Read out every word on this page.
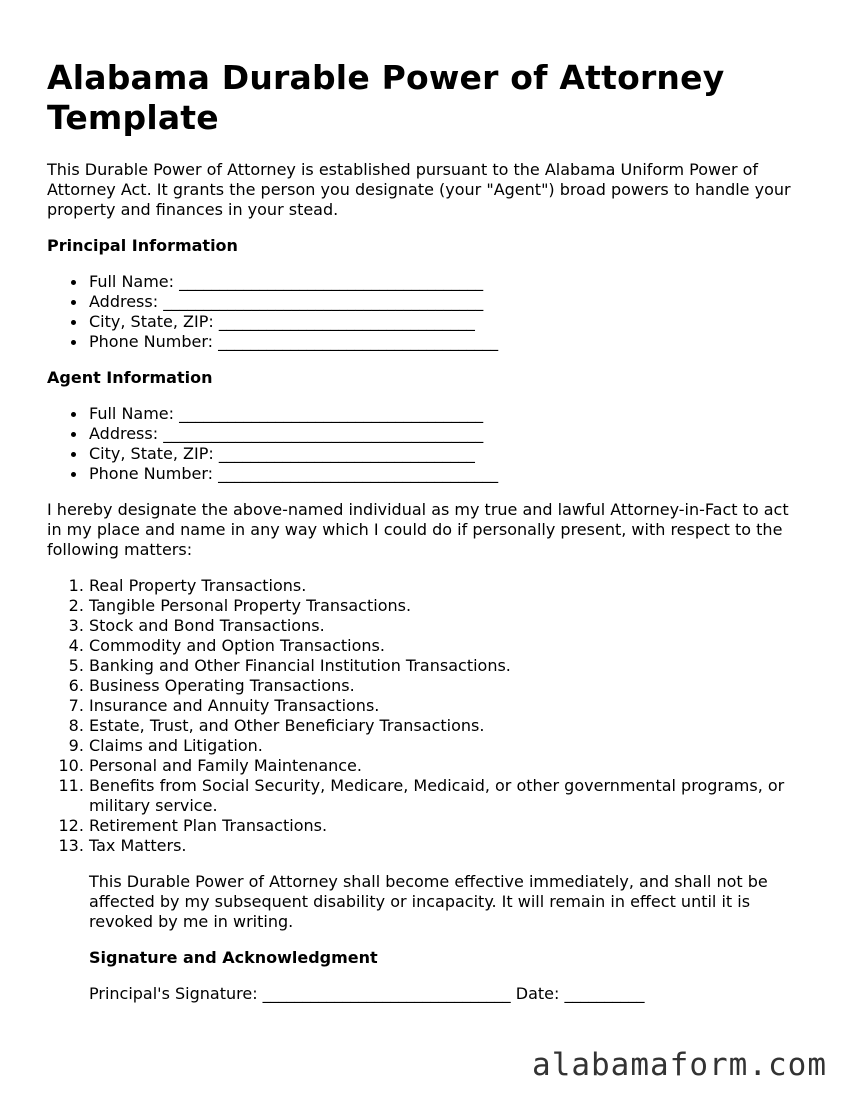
Alabama Durable Power of Attorney Template

This Durable Power of Attorney is established pursuant to the Alabama Uniform Power of Attorney Act. It grants the person you designate (your "Agent") broad powers to handle your property and finances in your stead.

Principal Information
Full Name: ______________________________________
Address: ________________________________________
City, State, ZIP: ________________________________
Phone Number: ___________________________________
Agent Information
Full Name: ______________________________________
Address: ________________________________________
City, State, ZIP: ________________________________
Phone Number: ___________________________________

I hereby designate the above-named individual as my true and lawful Attorney-in-Fact to act in my place and name in any way which I could do if personally present, with respect to the following matters:

1. Real Property Transactions.
2. Tangible Personal Property Transactions.
3. Stock and Bond Transactions.
4. Commodity and Option Transactions.
5. Banking and Other Financial Institution Transactions.
6. Business Operating Transactions.
7. Insurance and Annuity Transactions.
8. Estate, Trust, and Other Beneficiary Transactions.
9. Claims and Litigation.
10. Personal and Family Maintenance.
11. Benefits from Social Security, Medicare, Medicaid, or other governmental programs, or military service.
12. Retirement Plan Transactions.
13. Tax Matters.

This Durable Power of Attorney shall become effective immediately, and shall not be affected by my subsequent disability or incapacity. It will remain in effect until it is revoked by me in writing.

Signature and Acknowledgment

Principal's Signature: _______________________________ Date: __________

alabamaform.com
